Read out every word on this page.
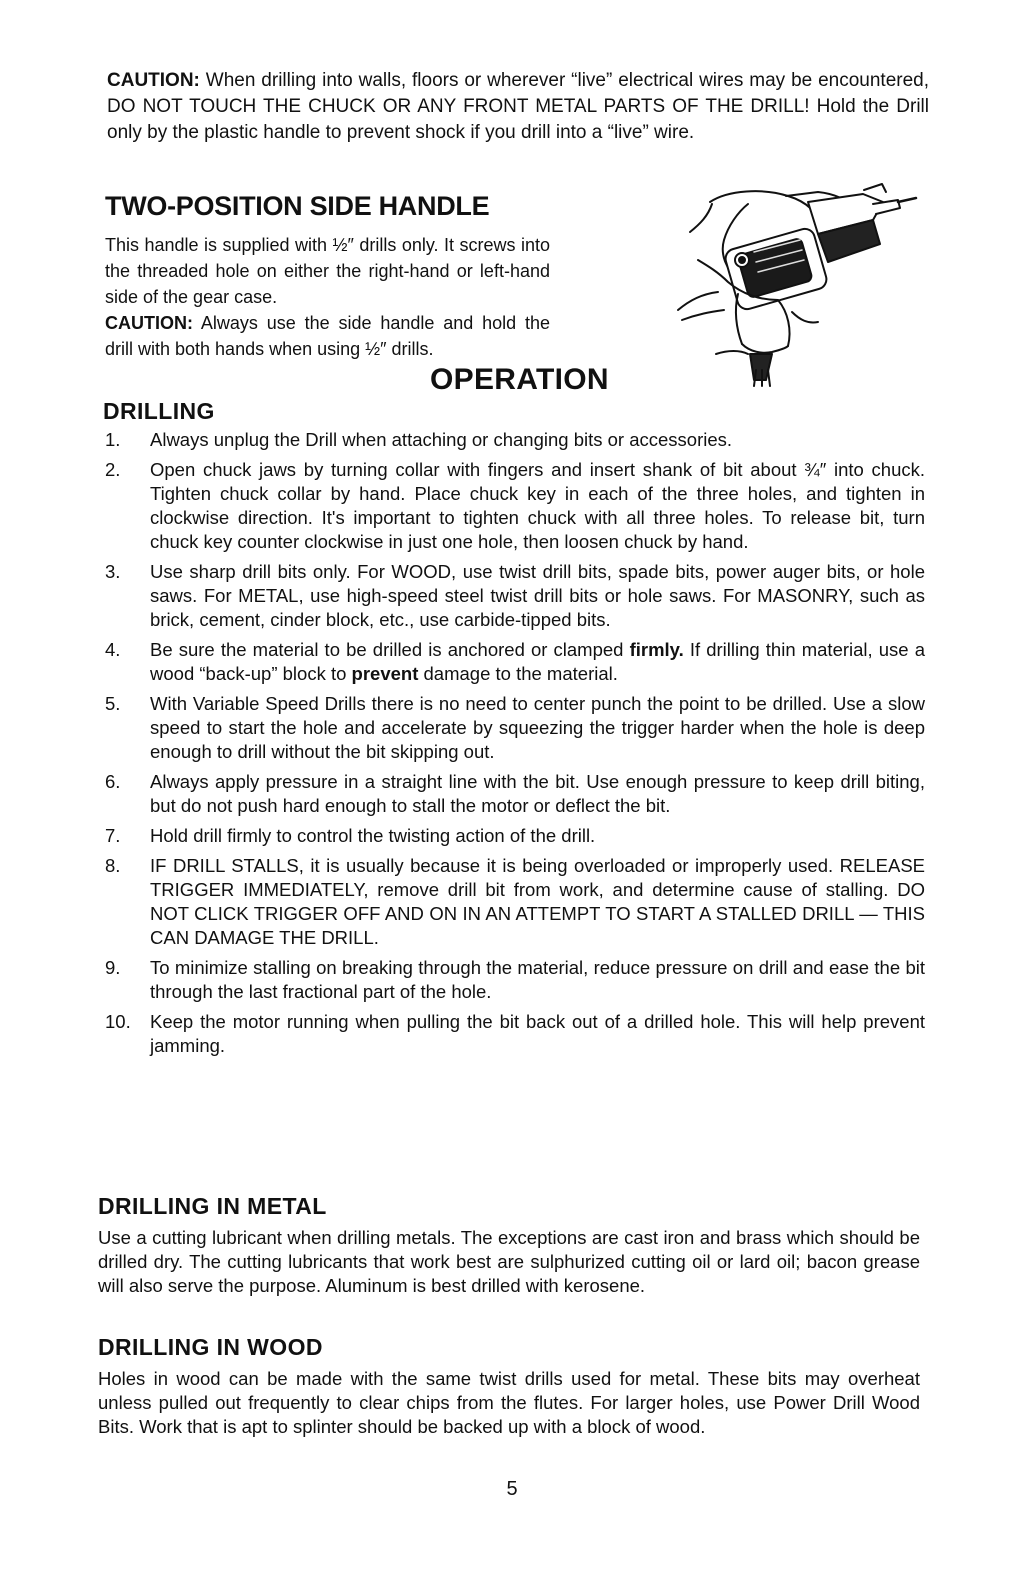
CAUTION: When drilling into walls, floors or wherever “live” electrical wires may be encountered, DO NOT TOUCH THE CHUCK OR ANY FRONT METAL PARTS OF THE DRILL! Hold the Drill only by the plastic handle to prevent shock if you drill into a “live” wire.

TWO-POSITION SIDE HANDLE

This handle is supplied with ½″ drills only. It screws into the threaded hole on either the right-hand or left-hand side of the gear case.

CAUTION: Always use the side handle and hold the drill with both hands when using ½″ drills.

OPERATION
DRILLING
1.	Always unplug the Drill when attaching or changing bits or accessories.
2.	Open chuck jaws by turning collar with fingers and insert shank of bit about ¾″ into chuck. Tighten chuck collar by hand. Place chuck key in each of the three holes, and tighten in clockwise direction. It's important to tighten chuck with all three holes. To release bit, turn chuck key counter clockwise in just one hole, then loosen chuck by hand.
3.	Use sharp drill bits only. For WOOD, use twist drill bits, spade bits, power auger bits, or hole saws. For METAL, use high-speed steel twist drill bits or hole saws. For MASONRY, such as brick, cement, cinder block, etc., use carbide-tipped bits.
4.	Be sure the material to be drilled is anchored or clamped firmly. If drilling thin material, use a wood “back-up” block to prevent damage to the material.
5.	With Variable Speed Drills there is no need to center punch the point to be drilled. Use a slow speed to start the hole and accelerate by squeezing the trigger harder when the hole is deep enough to drill without the bit skipping out.
6.	Always apply pressure in a straight line with the bit. Use enough pressure to keep drill biting, but do not push hard enough to stall the motor or deflect the bit.
7.	Hold drill firmly to control the twisting action of the drill.
8.	IF DRILL STALLS, it is usually because it is being overloaded or improperly used. RELEASE TRIGGER IMMEDIATELY, remove drill bit from work, and determine cause of stalling. DO NOT CLICK TRIGGER OFF AND ON IN AN ATTEMPT TO START A STALLED DRILL — THIS CAN DAMAGE THE DRILL.
9.	To minimize stalling on breaking through the material, reduce pressure on drill and ease the bit through the last fractional part of the hole.
10.	Keep the motor running when pulling the bit back out of a drilled hole. This will help prevent jamming.
DRILLING IN METAL

Use a cutting lubricant when drilling metals. The exceptions are cast iron and brass which should be drilled dry. The cutting lubricants that work best are sulphurized cutting oil or lard oil; bacon grease will also serve the purpose. Aluminum is best drilled with kerosene.

DRILLING IN WOOD

Holes in wood can be made with the same twist drills used for metal. These bits may overheat unless pulled out frequently to clear chips from the flutes. For larger holes, use Power Drill Wood Bits. Work that is apt to splinter should be backed up with a block of wood.

5
